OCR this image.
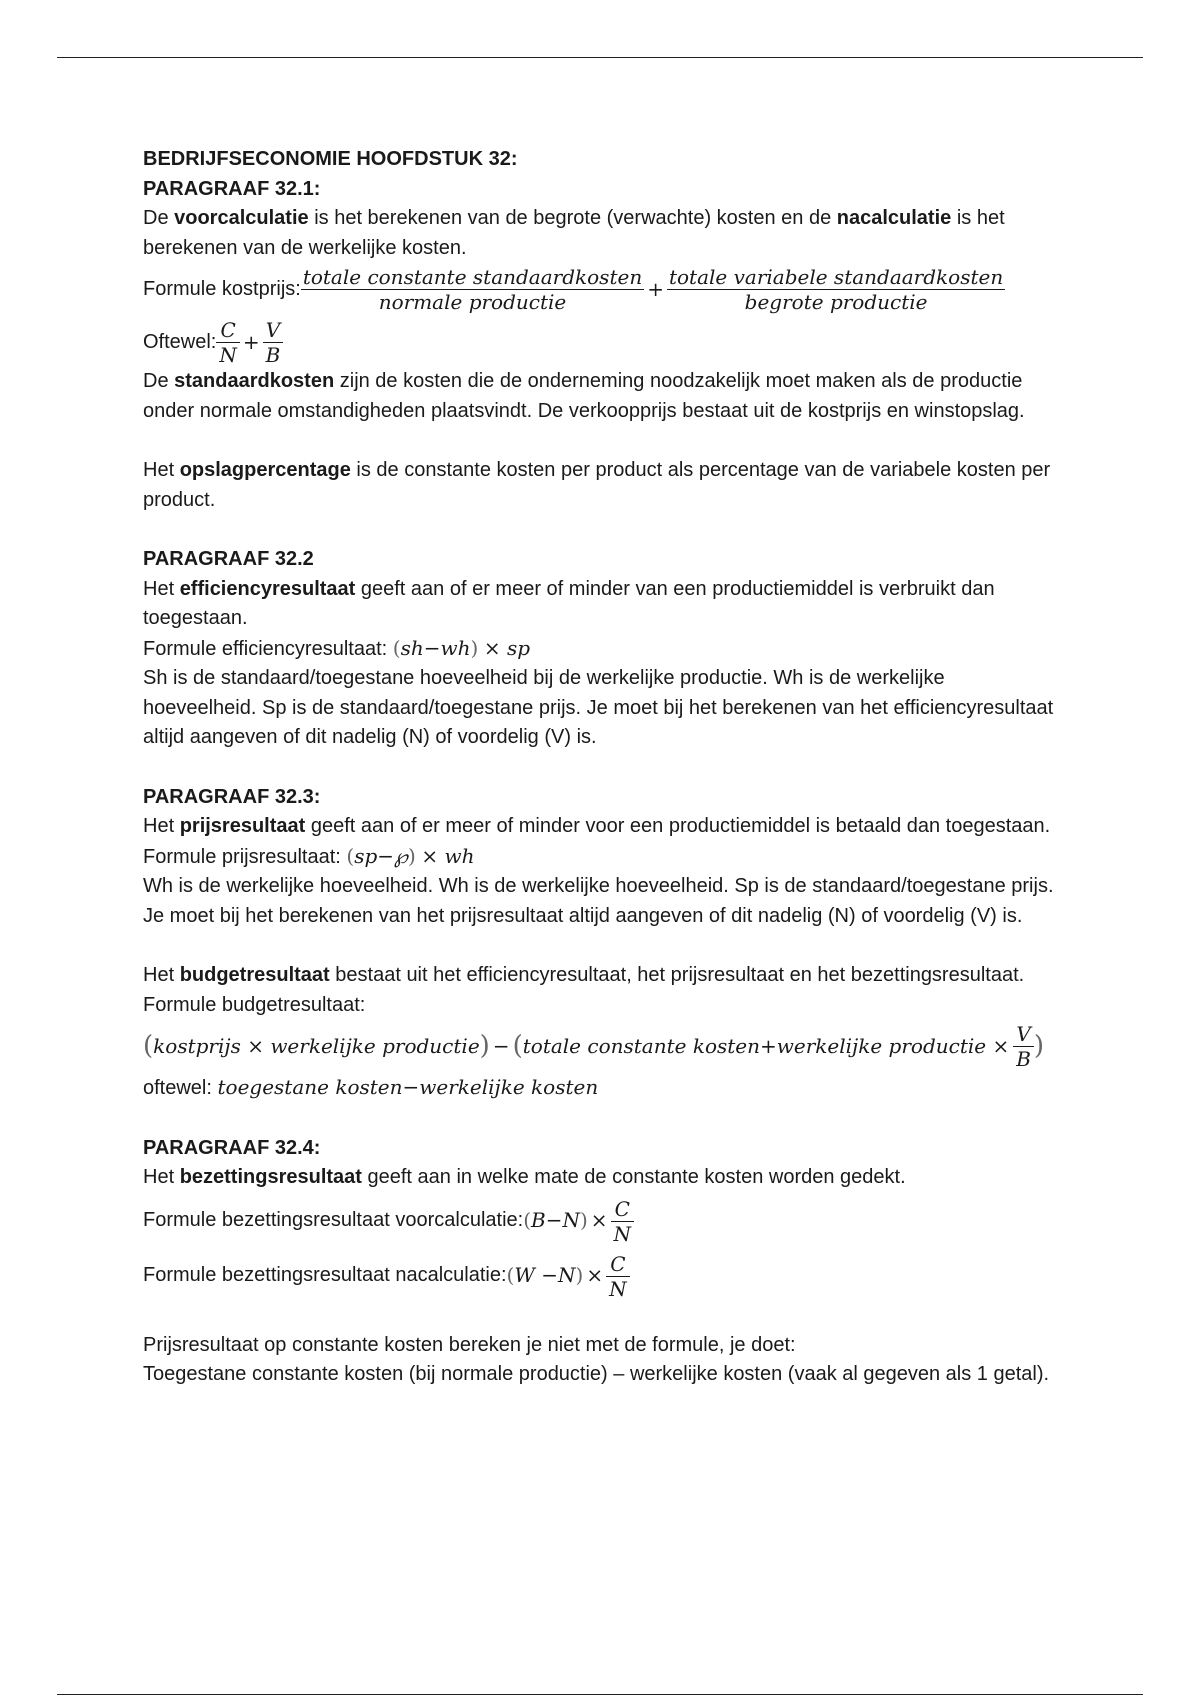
BEDRIJFSECONOMIE HOOFDSTUK 32:

PARAGRAAF 32.1:

De voorcalculatie is het berekenen van de begrote (verwachte) kosten en de nacalculatie is het berekenen van de werkelijke kosten.

Formule kostprijs: $\frac{\text{totale constante standaardkosten}}{\text{normale productie}} + \frac{\text{totale variabele standaardkosten}}{\text{begrote productie}}$
Oftewel: $\frac{C}{N} + \frac{V}{B}$

De standaardkosten zijn de kosten die de onderneming noodzakelijk moet maken als de productie onder normale omstandigheden plaatsvindt. De verkoopprijs bestaat uit de kostprijs en winstopslag.

Het opslagpercentage is de constante kosten per product als percentage van de variabele kosten per product.

PARAGRAAF 32.2

Het efficiencyresultaat geeft aan of er meer of minder van een productiemiddel is verbruikt dan toegestaan.

Formule efficiencyresultaat: (sh−wh) × sp

Sh is de standaard/toegestane hoeveelheid bij de werkelijke productie. Wh is de werkelijke hoeveelheid. Sp is de standaard/toegestane prijs. Je moet bij het berekenen van het efficiencyresultaat altijd aangeven of dit nadelig (N) of voordelig (V) is.

PARAGRAAF 32.3:

Het prijsresultaat geeft aan of er meer of minder voor een productiemiddel is betaald dan toegestaan.

Formule prijsresultaat: (sp−℘) × wh

Wh is de werkelijke hoeveelheid. Wh is de werkelijke hoeveelheid. Sp is de standaard/toegestane prijs. Je moet bij het berekenen van het prijsresultaat altijd aangeven of dit nadelig (N) of voordelig (V) is.

Het budgetresultaat bestaat uit het efficiencyresultaat, het prijsresultaat en het bezettingsresultaat.

Formule budgetresultaat:

( kostprijs × werkelijke productie ) − ( totale constante kosten+werkelijke productie × $\frac{V}{B}$ )

oftewel: toegestane kosten−werkelijke kosten

PARAGRAAF 32.4:

Het bezettingsresultaat geeft aan in welke mate de constante kosten worden gedekt.

Formule bezettingsresultaat voorcalculatie: ( B−N ) × $\frac{C}{N}$
Formule bezettingsresultaat nacalculatie: ( W −N ) × $\frac{C}{N}$

Prijsresultaat op constante kosten bereken je niet met de formule, je doet:

Toegestane constante kosten (bij normale productie) – werkelijke kosten (vaak al gegeven als 1 getal).
